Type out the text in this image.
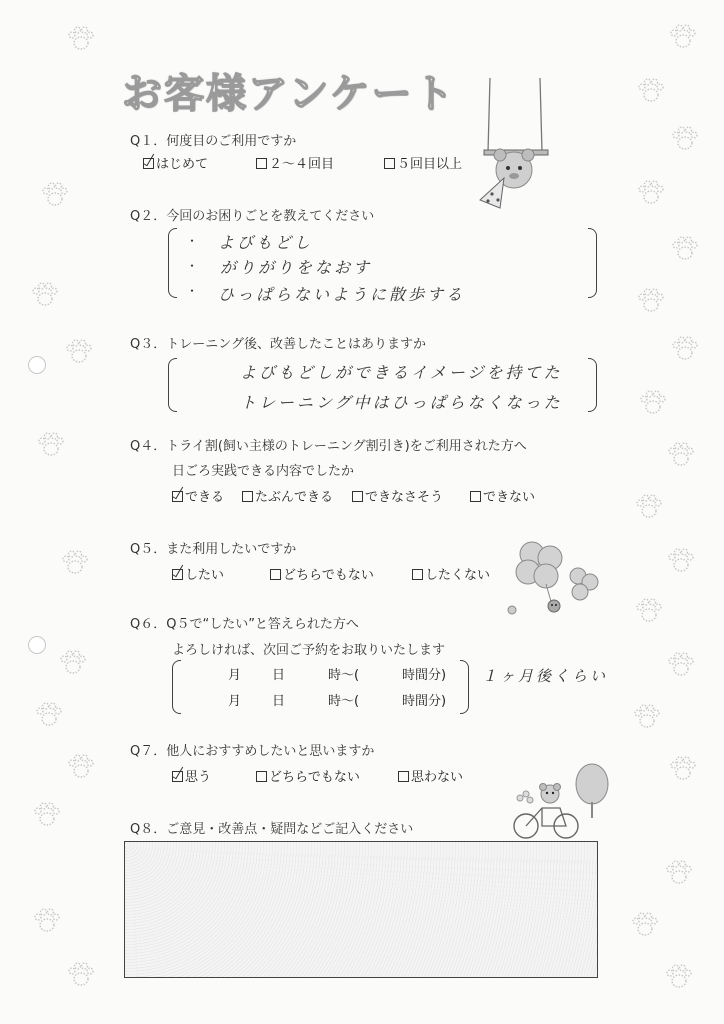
お客様アンケート
Q１．何度目のご利用ですか
はじめて	２～４回目	５回目以上
Q２．今回のお困りごとを教えてください
・
・
・
よびもどし
がりがりをなおす
ひっぱらないように散歩する
Q３．トレーニング後、改善したことはありますか
よびもどしができるイメージを持てた
トレーニング中はひっぱらなくなった
Q４．トライ割(飼い主様のトレーニング割引き)をご利用された方へ
日ごろ実践できる内容でしたか
できる	たぶんできる	できなさそう	できない
Q５．また利用したいですか
したい	どちらでもない	したくない
Q６．Q５で“したい”と答えられた方へ
よろしければ、次回ご予約をお取りいたします
月 日	時～(	時間分)
月 日	時～(	時間分)
１ヶ月後くらい
Q７．他人におすすめしたいと思いますか
思う	どちらでもない	思わない
Q８．ご意見・改善点・疑問などご記入ください
